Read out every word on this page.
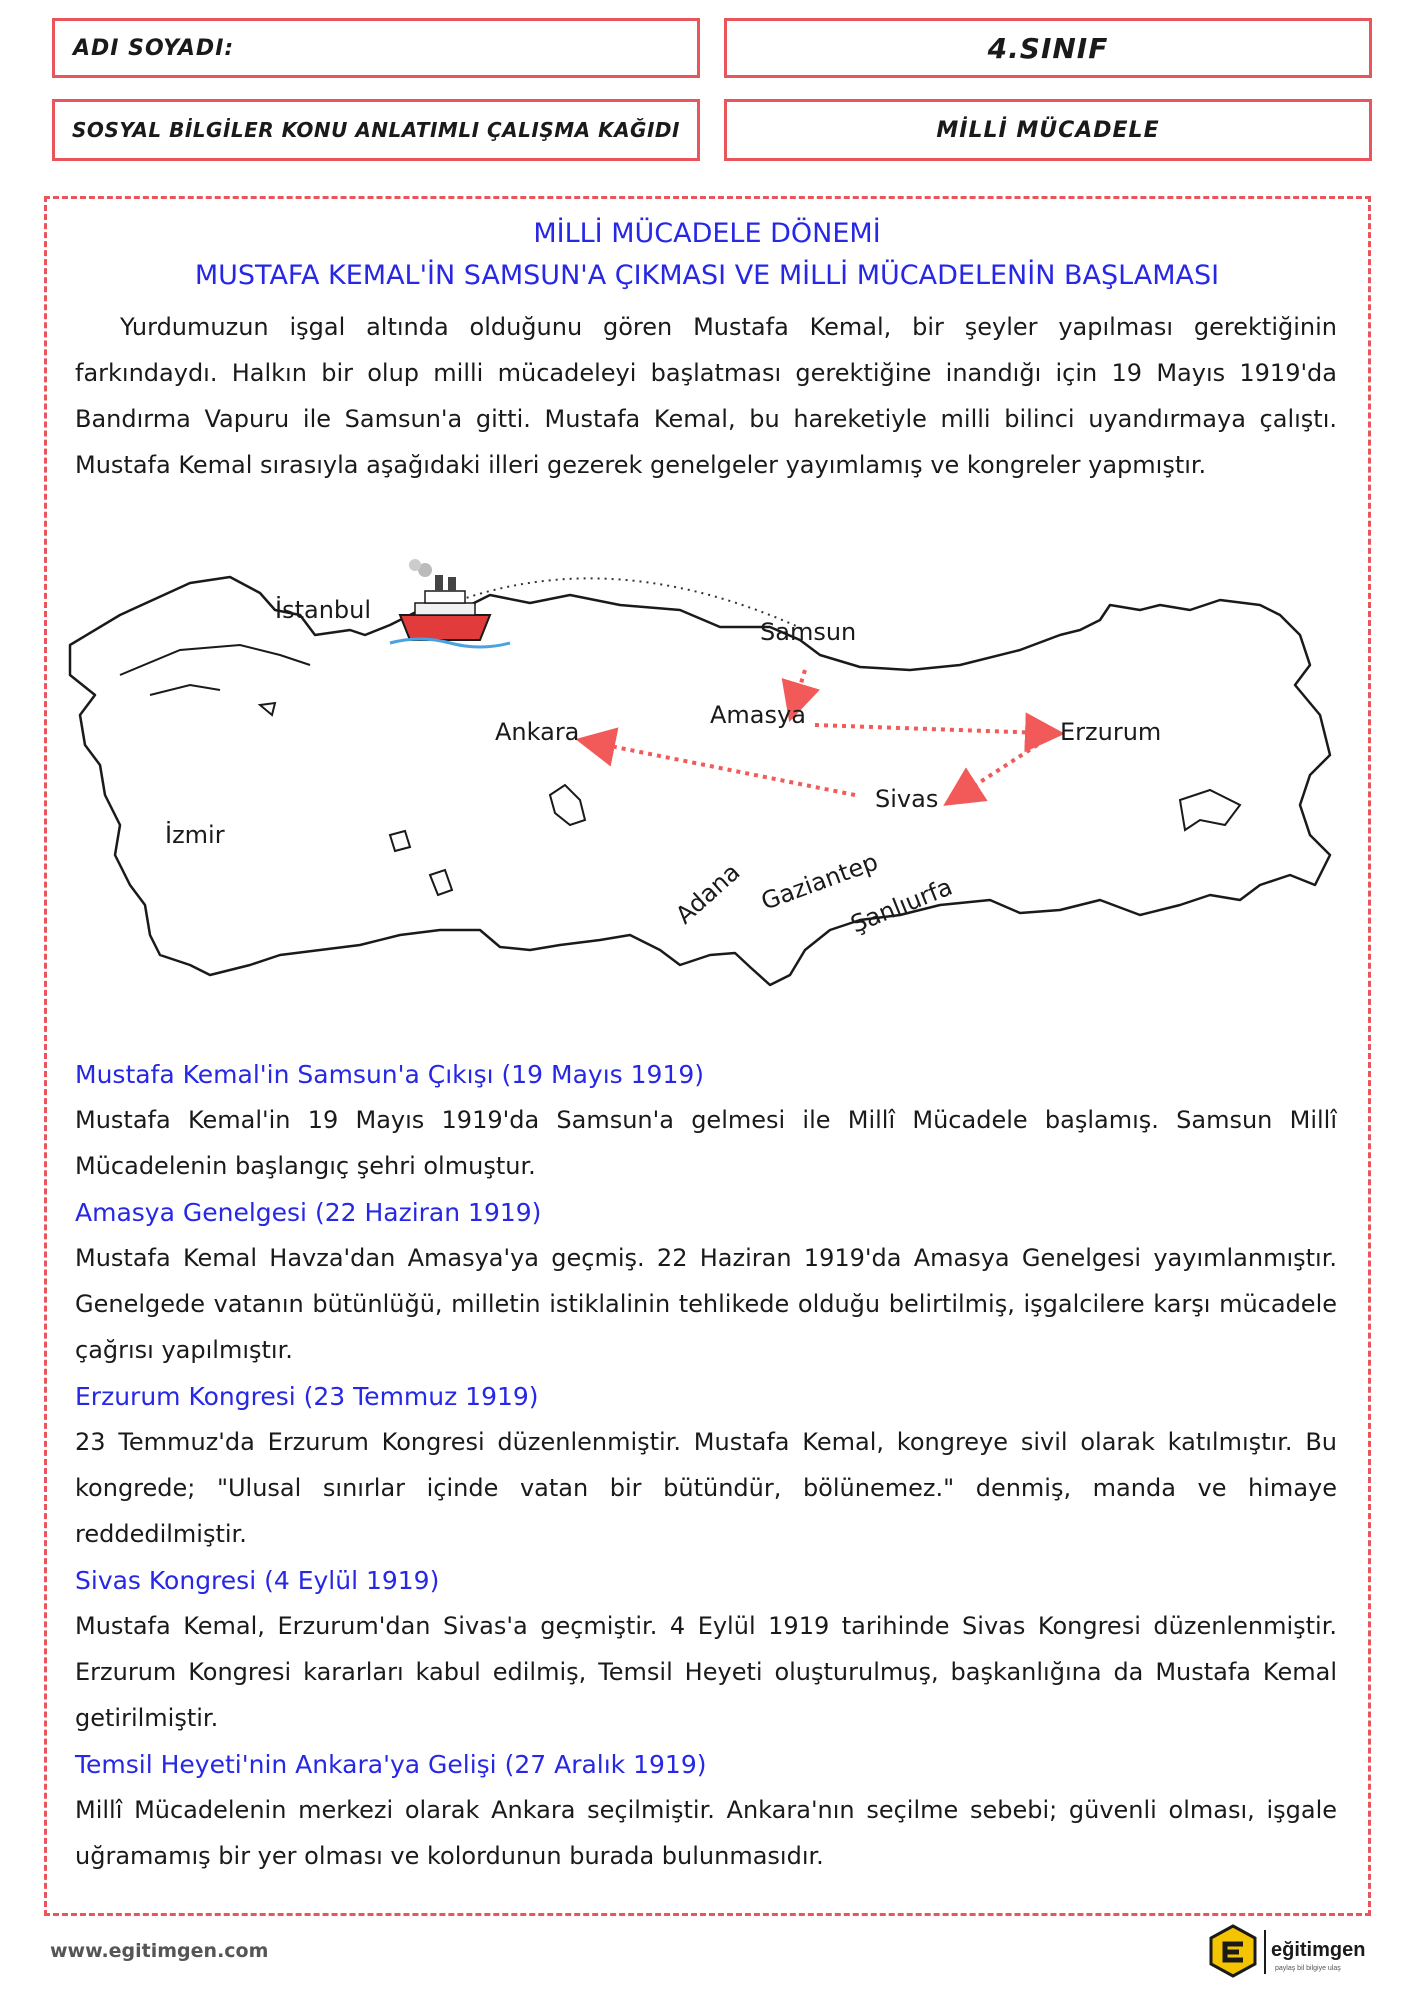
ADI SOYADI:	4.SINIF
SOSYAL BİLGİLER KONU ANLATIMLI ÇALIŞMA KAĞIDI	MİLLİ MÜCADELE
MİLLİ MÜCADELE DÖNEMİ
MUSTAFA KEMAL'İN SAMSUN'A ÇIKMASI VE MİLLİ MÜCADELENİN BAŞLAMASI

Yurdumuzun işgal altında olduğunu gören Mustafa Kemal, bir şeyler yapılması gerektiğinin farkındaydı. Halkın bir olup milli mücadeleyi başlatması gerektiğine inandığı için 19 Mayıs 1919'da Bandırma Vapuru ile Samsun'a gitti. Mustafa Kemal, bu hareketiyle milli bilinci uyandırmaya çalıştı. Mustafa Kemal sırasıyla aşağıdaki illeri gezerek genelgeler yayımlamış ve kongreler yapmıştır.

İstanbul
Samsun
Amasya
Ankara	Erzurum
Sivas
İzmir
Adana Gaziantep
Şanlıurfa
Mustafa Kemal'in Samsun'a Çıkışı (19 Mayıs 1919)

Mustafa Kemal'in 19 Mayıs 1919'da Samsun'a gelmesi ile Millî Mücadele başlamış. Samsun Millî Mücadelenin başlangıç şehri olmuştur.

Amasya Genelgesi (22 Haziran 1919)

Mustafa Kemal Havza'dan Amasya'ya geçmiş. 22 Haziran 1919'da Amasya Genelgesi yayımlanmıştır. Genelgede vatanın bütünlüğü, milletin istiklalinin tehlikede olduğu belirtilmiş, işgalcilere karşı mücadele çağrısı yapılmıştır.

Erzurum Kongresi (23 Temmuz 1919)

23 Temmuz'da Erzurum Kongresi düzenlenmiştir. Mustafa Kemal, kongreye sivil olarak katılmıştır. Bu kongrede; "Ulusal sınırlar içinde vatan bir bütündür, bölünemez." denmiş, manda ve himaye reddedilmiştir.

Sivas Kongresi (4 Eylül 1919)

Mustafa Kemal, Erzurum'dan Sivas'a geçmiştir. 4 Eylül 1919 tarihinde Sivas Kongresi düzenlenmiştir. Erzurum Kongresi kararları kabul edilmiş, Temsil Heyeti oluşturulmuş, başkanlığına da Mustafa Kemal getirilmiştir.

Temsil Heyeti'nin Ankara'ya Gelişi (27 Aralık 1919)

Millî Mücadelenin merkezi olarak Ankara seçilmiştir. Ankara'nın seçilme sebebi; güvenli olması, işgale uğramamış bir yer olması ve kolordunun burada bulunmasıdır.

www.egitimgen.com	eğitimgen
paylaş bil bilgiye ulaş
